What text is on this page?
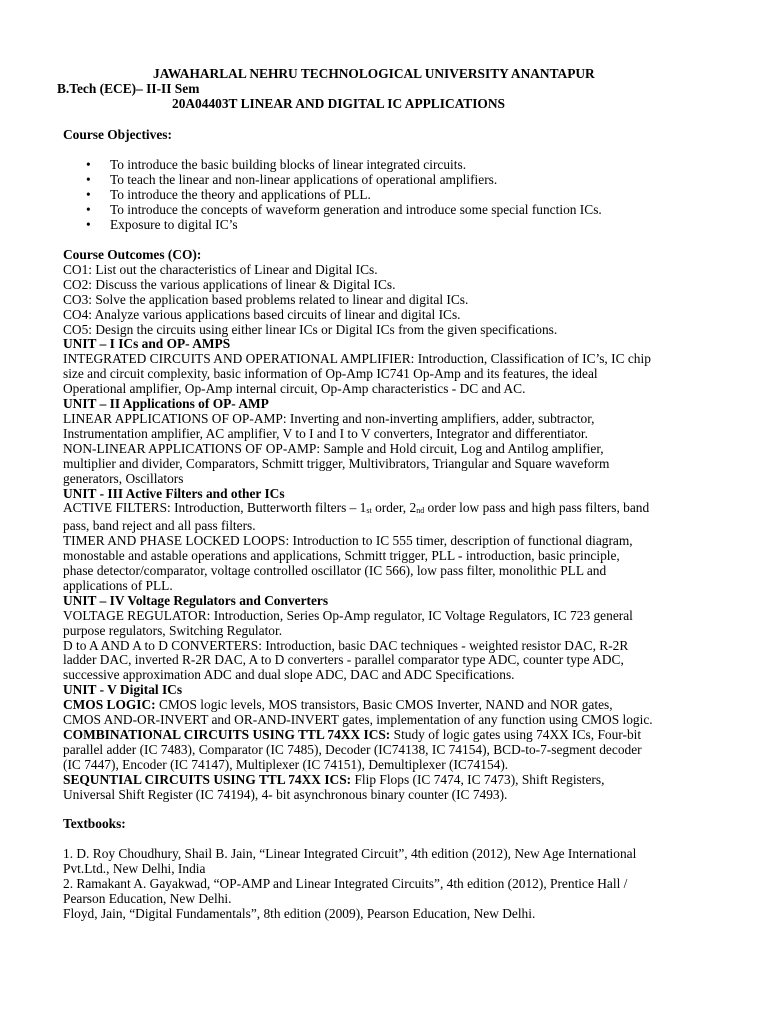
JAWAHARLAL NEHRU TECHNOLOGICAL UNIVERSITY ANANTAPUR
B.Tech (ECE)– II-II Sem
20A04403T LINEAR AND DIGITAL IC APPLICATIONS
Course Objectives:
• To introduce the basic building blocks of linear integrated circuits.
• To teach the linear and non-linear applications of operational amplifiers.
• To introduce the theory and applications of PLL.
• To introduce the concepts of waveform generation and introduce some special function ICs.
• Exposure to digital IC’s

Course Outcomes (CO):

CO1: List out the characteristics of Linear and Digital ICs.

CO2: Discuss the various applications of linear & Digital ICs.

CO3: Solve the application based problems related to linear and digital ICs.

CO4: Analyze various applications based circuits of linear and digital ICs.

CO5: Design the circuits using either linear ICs or Digital ICs from the given specifications.

UNIT – I ICs and OP- AMPS

INTEGRATED CIRCUITS AND OPERATIONAL AMPLIFIER: Introduction, Classification of IC’s, IC chip size and circuit complexity, basic information of Op-Amp IC741 Op-Amp and its features, the ideal Operational amplifier, Op-Amp internal circuit, Op-Amp characteristics - DC and AC.

UNIT – II Applications of OP- AMP

LINEAR APPLICATIONS OF OP-AMP: Inverting and non-inverting amplifiers, adder, subtractor, Instrumentation amplifier, AC amplifier, V to I and I to V converters, Integrator and differentiator.

NON-LINEAR APPLICATIONS OF OP-AMP: Sample and Hold circuit, Log and Antilog amplifier, multiplier and divider, Comparators, Schmitt trigger, Multivibrators, Triangular and Square waveform generators, Oscillators

UNIT - III Active Filters and other ICs

ACTIVE FILTERS: Introduction, Butterworth filters – $1_{st}$ order, $2_{nd}$ order low pass and high pass filters, band pass, band reject and all pass filters.

TIMER AND PHASE LOCKED LOOPS: Introduction to IC 555 timer, description of functional diagram, monostable and astable operations and applications, Schmitt trigger, PLL - introduction, basic principle, phase detector/comparator, voltage controlled oscillator (IC 566), low pass filter, monolithic PLL and applications of PLL.

UNIT – IV Voltage Regulators and Converters

VOLTAGE REGULATOR: Introduction, Series Op-Amp regulator, IC Voltage Regulators, IC 723 general purpose regulators, Switching Regulator.

D to A AND A to D CONVERTERS: Introduction, basic DAC techniques - weighted resistor DAC, R-2R ladder DAC, inverted R-2R DAC, A to D converters - parallel comparator type ADC, counter type ADC, successive approximation ADC and dual slope ADC, DAC and ADC Specifications.

UNIT - V Digital ICs

CMOS LOGIC: CMOS logic levels, MOS transistors, Basic CMOS Inverter, NAND and NOR gates, CMOS AND-OR-INVERT and OR-AND-INVERT gates, implementation of any function using CMOS logic.

COMBINATIONAL CIRCUITS USING TTL 74XX ICS: Study of logic gates using 74XX ICs, Four-bit parallel adder (IC 7483), Comparator (IC 7485), Decoder (IC74138, IC 74154), BCD-to-7-segment decoder (IC 7447), Encoder (IC 74147), Multiplexer (IC 74151), Demultiplexer (IC74154).

SEQUNTIAL CIRCUITS USING TTL 74XX ICS: Flip Flops (IC 7474, IC 7473), Shift Registers, Universal Shift Register (IC 74194), 4- bit asynchronous binary counter (IC 7493).

Textbooks:

1. D. Roy Choudhury, Shail B. Jain, “Linear Integrated Circuit”, 4th edition (2012), New Age International Pvt.Ltd., New Delhi, India

2. Ramakant A. Gayakwad, “OP-AMP and Linear Integrated Circuits”, 4th edition (2012), Prentice Hall / Pearson Education, New Delhi.

Floyd, Jain, “Digital Fundamentals”, 8th edition (2009), Pearson Education, New Delhi.
